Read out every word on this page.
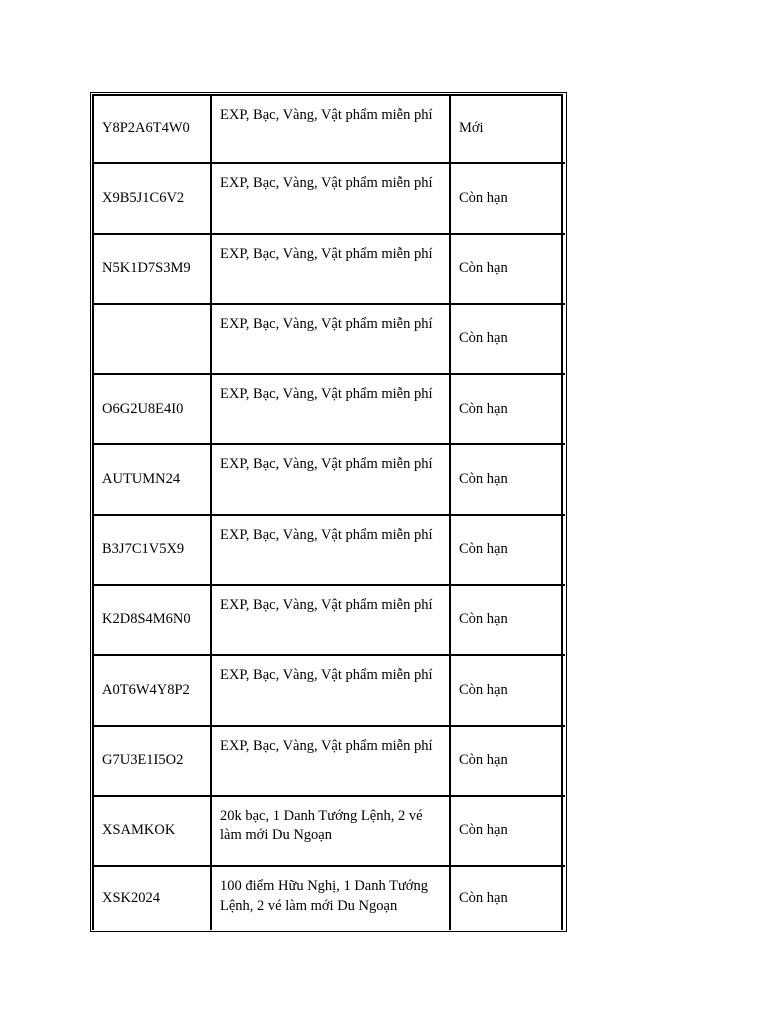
Y8P2A6T4W0
EXP, Bạc, Vàng, Vật phẩm miễn phí
Mới
X9B5J1C6V2
EXP, Bạc, Vàng, Vật phẩm miễn phí
Còn hạn
N5K1D7S3M9
EXP, Bạc, Vàng, Vật phẩm miễn phí
Còn hạn
EXP, Bạc, Vàng, Vật phẩm miễn phí
Còn hạn
O6G2U8E4I0
EXP, Bạc, Vàng, Vật phẩm miễn phí
Còn hạn
AUTUMN24
EXP, Bạc, Vàng, Vật phẩm miễn phí
Còn hạn
B3J7C1V5X9
EXP, Bạc, Vàng, Vật phẩm miễn phí
Còn hạn
K2D8S4M6N0
EXP, Bạc, Vàng, Vật phẩm miễn phí
Còn hạn
A0T6W4Y8P2
EXP, Bạc, Vàng, Vật phẩm miễn phí
Còn hạn
G7U3E1I5O2
EXP, Bạc, Vàng, Vật phẩm miễn phí
Còn hạn
XSAMKOK
20k bạc, 1 Danh Tướng Lệnh, 2 vé làm mới Du Ngoạn	Còn hạn
XSK2024
100 điểm Hữu Nghị, 1 Danh Tướng Lệnh, 2 vé làm mới Du Ngoạn	Còn hạn
